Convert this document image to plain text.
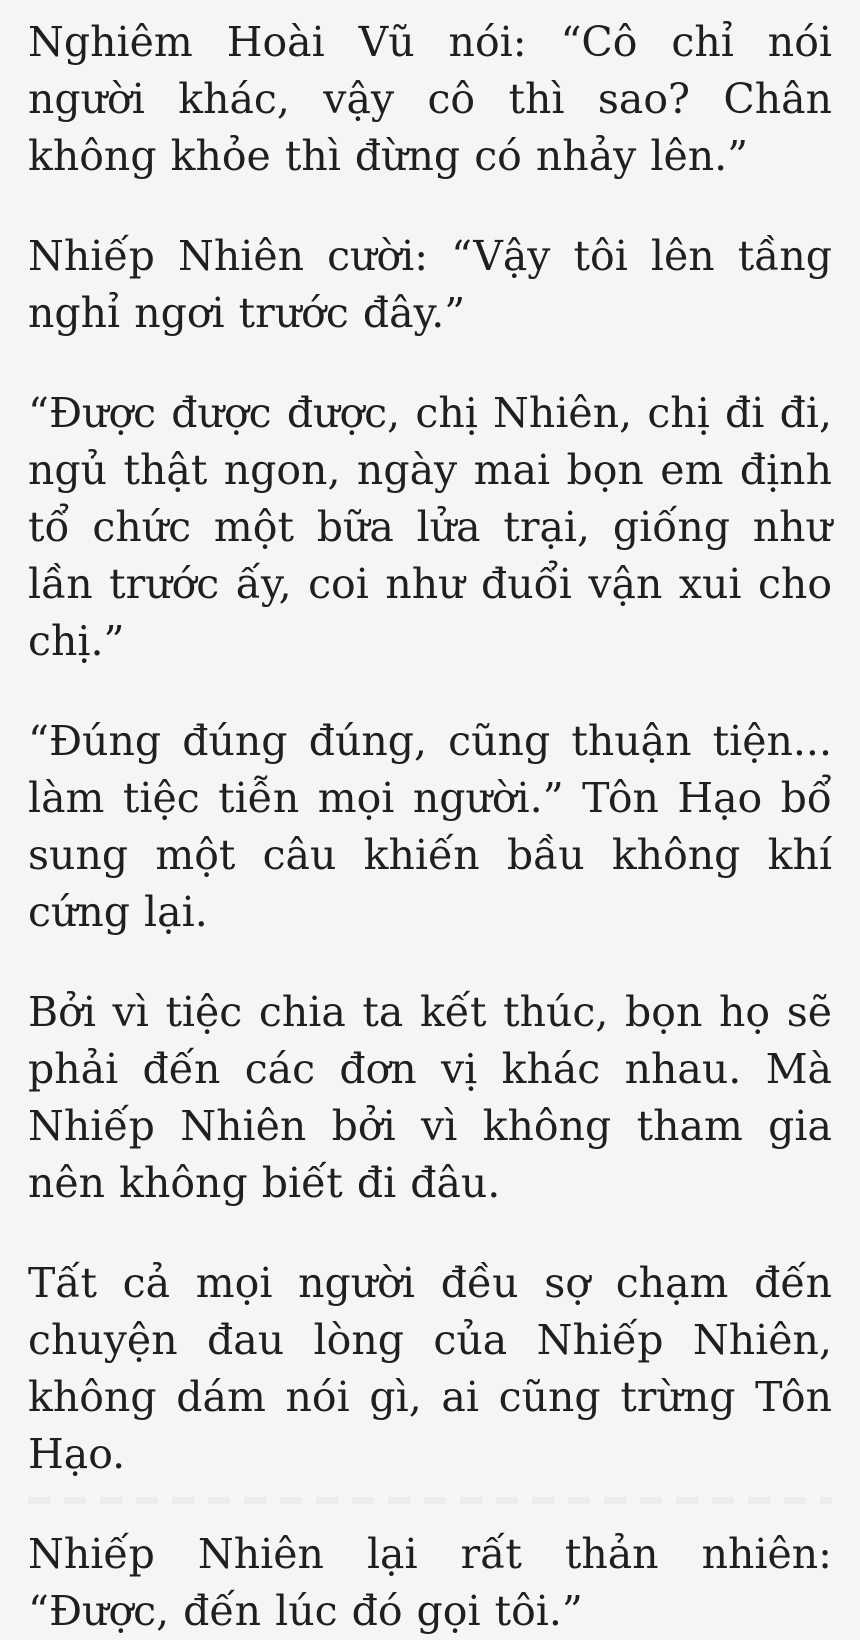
Nghiêm Hoài Vũ nói: “Cô chỉ nói người khác, vậy cô thì sao? Chân không khỏe thì đừng có nhảy lên.”

Nhiếp Nhiên cười: “Vậy tôi lên tầng nghỉ ngơi trước đây.”

“Được được được, chị Nhiên, chị đi đi, ngủ thật ngon, ngày mai bọn em định tổ chức một bữa lửa trại, giống như lần trước ấy, coi như đuổi vận xui cho chị.”

“Đúng đúng đúng, cũng thuận tiện... làm tiệc tiễn mọi người.” Tôn Hạo bổ sung một câu khiến bầu không khí cứng lại.

Bởi vì tiệc chia ta kết thúc, bọn họ sẽ phải đến các đơn vị khác nhau. Mà Nhiếp Nhiên bởi vì không tham gia nên không biết đi đâu.

Tất cả mọi người đều sợ chạm đến chuyện đau lòng của Nhiếp Nhiên, không dám nói gì, ai cũng trừng Tôn Hạo.

Nhiếp Nhiên lại rất thản nhiên: “Được, đến lúc đó gọi tôi.”
